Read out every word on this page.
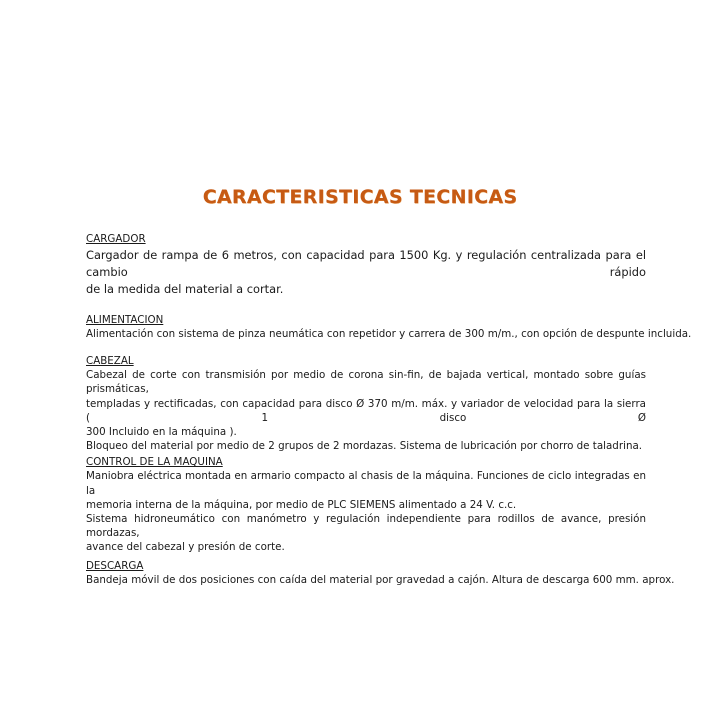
CARACTERISTICAS TECNICAS
CARGADOR
Cargador de rampa de 6 metros, con capacidad para 1500 Kg. y regulación centralizada para el cambio rápido
de la medida del material a cortar.
ALIMENTACION
Alimentación con sistema de pinza neumática con repetidor y carrera de 300 m/m., con opción de despunte incluida.
CABEZAL
Cabezal de corte con transmisión por medio de corona sin-fin, de bajada vertical, montado sobre guías prismáticas,
templadas y rectificadas, con capacidad para disco Ø 370 m/m. máx. y variador de velocidad para la sierra ( 1 disco Ø
300 Incluido en la máquina ).
Bloqueo del material por medio de 2 grupos de 2 mordazas. Sistema de lubricación por chorro de taladrina.
CONTROL DE LA MAQUINA
Maniobra eléctrica montada en armario compacto al chasis de la máquina. Funciones de ciclo integradas en la
memoria interna de la máquina, por medio de PLC SIEMENS alimentado a 24 V. c.c.
Sistema hidroneumático con manómetro y regulación independiente para rodillos de avance, presión mordazas,
avance del cabezal y presión de corte.
DESCARGA
Bandeja móvil de dos posiciones con caída del material por gravedad a cajón. Altura de descarga 600 mm. aprox.
